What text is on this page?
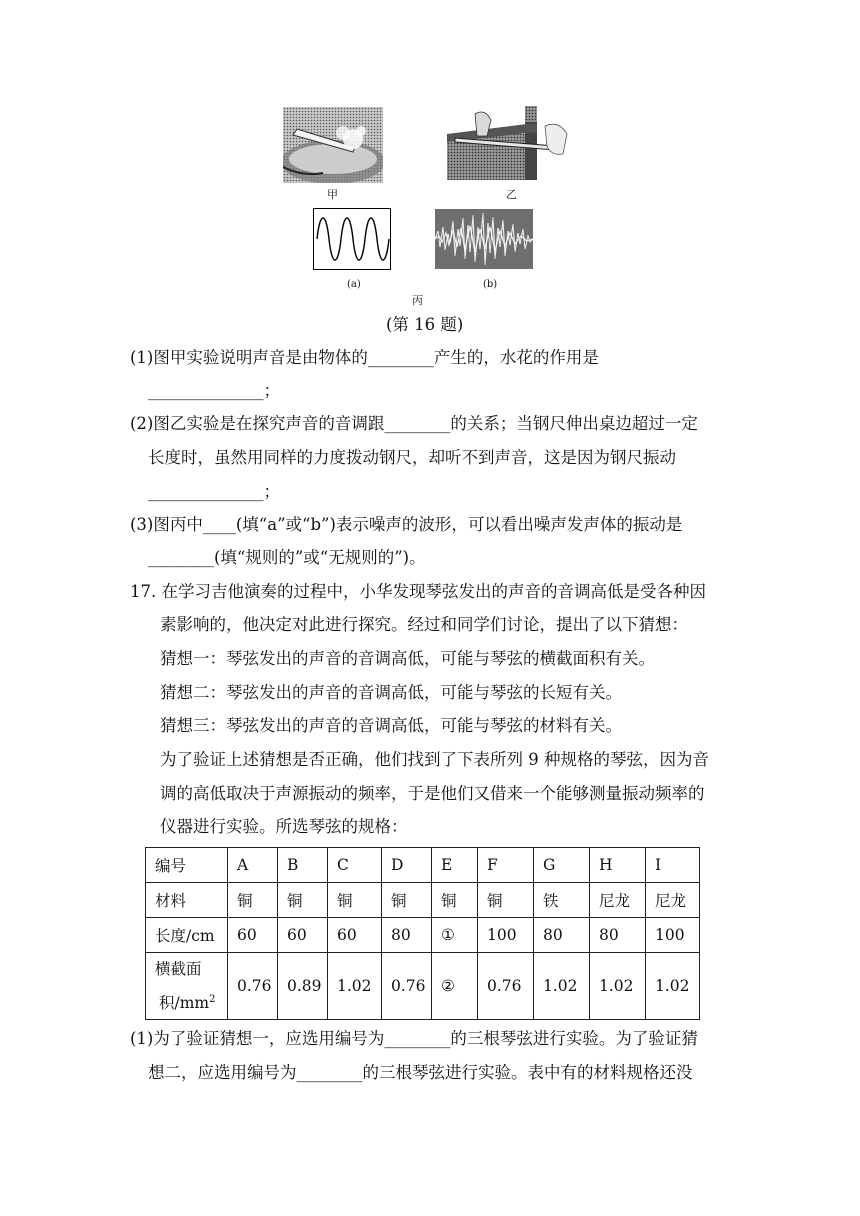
甲	乙
(a)	(b)
丙
(第 16 题)
(1)图甲实验说明声音是由物体的________产生的，水花的作用是
______________；
(2)图乙实验是在探究声音的音调跟________的关系；当钢尺伸出桌边超过一定
长度时，虽然用同样的力度拨动钢尺，却听不到声音，这是因为钢尺振动
______________；
(3)图丙中____(填“a”或“b”)表示噪声的波形，可以看出噪声发声体的振动是
________(填“规则的”或“无规则的”)。
17. 在学习吉他演奏的过程中，小华发现琴弦发出的声音的音调高低是受各种因
素影响的，他决定对此进行探究。经过和同学们讨论，提出了以下猜想：
猜想一：琴弦发出的声音的音调高低，可能与琴弦的横截面积有关。
猜想二：琴弦发出的声音的音调高低，可能与琴弦的长短有关。
猜想三：琴弦发出的声音的音调高低，可能与琴弦的材料有关。
为了验证上述猜想是否正确，他们找到了下表所列 9 种规格的琴弦，因为音
调的高低取决于声源振动的频率，于是他们又借来一个能够测量振动频率的
仪器进行实验。所选琴弦的规格：
编号	A	B	C	D	E	F	G	H	I
材料	铜	铜	铜	铜	铜	铜	铁	尼龙	尼龙
长度/cm	60	60	60	80	①	100	80	80	100
横截面
积$/mm^2$	0.76	0.89	1.02	0.76	②	0.76	1.02	1.02	1.02
(1)为了验证猜想一，应选用编号为________的三根琴弦进行实验。为了验证猜
想二，应选用编号为________的三根琴弦进行实验。表中有的材料规格还没
